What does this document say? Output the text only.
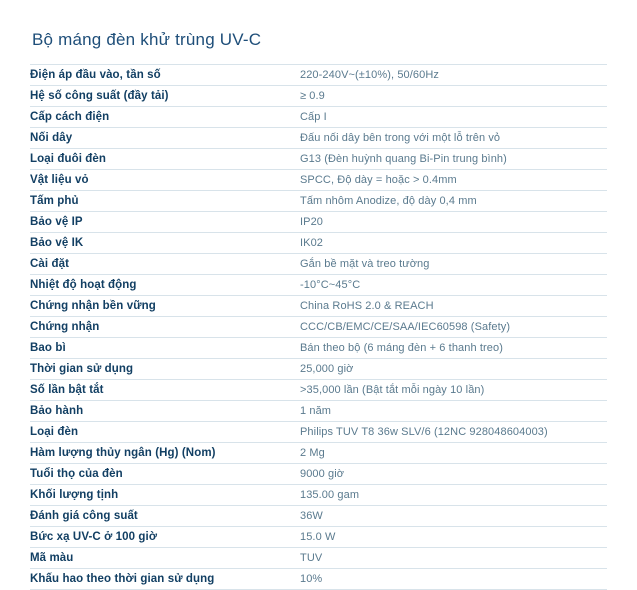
Bộ máng đèn khử trùng UV-C
Điện áp đầu vào, tần số	220-240V~(±10%), 50/60Hz
Hệ số công suất (đầy tải)	≥ 0.9
Cấp cách điện	Cấp I
Nối dây	Đấu nối dây bên trong với một lỗ trên vỏ
Loại đuôi đèn	G13 (Đèn huỳnh quang Bi-Pin trung bình)
Vật liệu vỏ	SPCC, Độ dày = hoặc > 0.4mm
Tấm phủ	Tấm nhôm Anodize, độ dày 0,4 mm
Bảo vệ IP	IP20
Bảo vệ IK	IK02
Cài đặt	Gắn bề mặt và treo tường
Nhiệt độ hoạt động	-10°C~45°C
Chứng nhận bền vững	China RoHS 2.0 & REACH
Chứng nhận	CCC/CB/EMC/CE/SAA/IEC60598 (Safety)
Bao bì	Bán theo bộ (6 máng đèn + 6 thanh treo)
Thời gian sử dụng	25,000 giờ
Số lần bật tắt	>35,000 lần (Bật tắt mỗi ngày 10 lần)
Bảo hành	1 năm
Loại đèn	Philips TUV T8 36w SLV/6 (12NC 928048604003)
Hàm lượng thủy ngân (Hg) (Nom)	2 Mg
Tuổi thọ của đèn	9000 giờ
Khối lượng tịnh	135.00 gam
Đánh giá công suất	36W
Bức xạ UV-C ở 100 giờ	15.0 W
Mã màu	TUV
Khấu hao theo thời gian sử dụng	10%
